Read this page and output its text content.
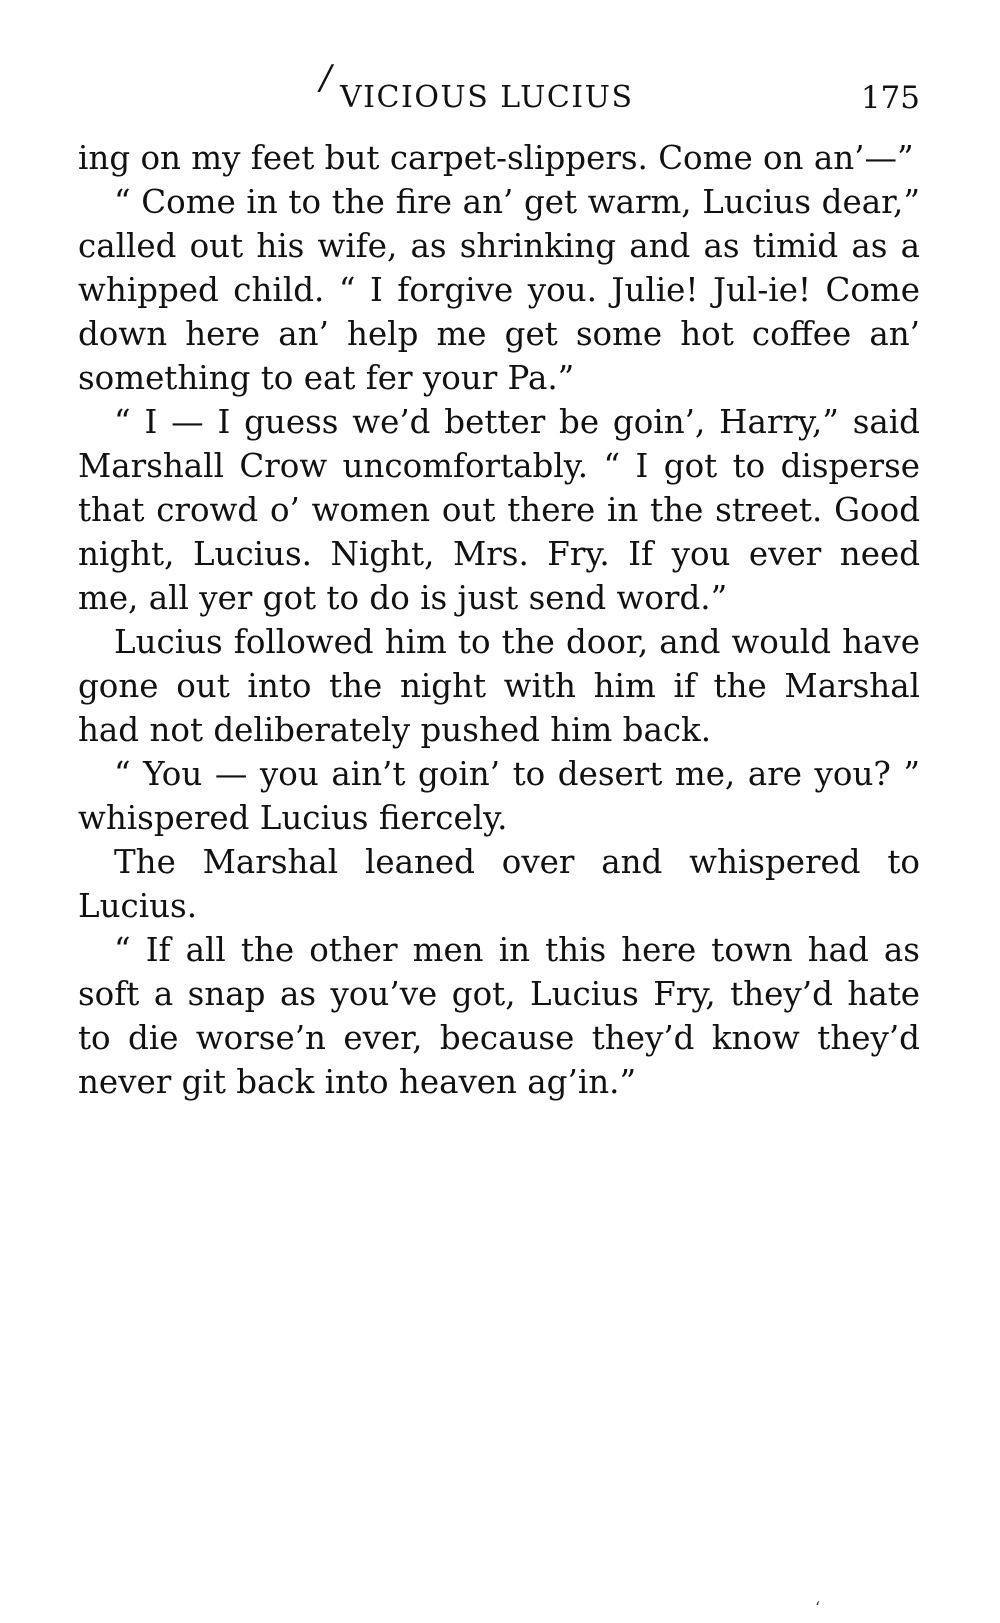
/ VICIOUS LUCIUS	175

ing on my feet but carpet-slippers. Come on an’—”

“ Come in to the fire an’ get warm, Lucius dear,” called out his wife, as shrinking and as timid as a whipped child. “ I forgive you. Julie! Jul-ie! Come down here an’ help me get some hot coffee an’ something to eat fer your Pa.”

“ I — I guess we’d better be goin’, Harry,” said Marshall Crow uncomfortably. “ I got to disperse that crowd o’ women out there in the street. Good night, Lucius. Night, Mrs. Fry. If you ever need me, all yer got to do is just send word.”

Lucius followed him to the door, and would have gone out into the night with him if the Marshal had not deliberately pushed him back.

“ You — you ain’t goin’ to desert me, are you? ” whispered Lucius fiercely.

The Marshal leaned over and whispered to Lucius.

“ If all the other men in this here town had as soft a snap as you’ve got, Lucius Fry, they’d hate to die worse’n ever, because they’d know they’d never git back into heaven ag’in.”

‘
